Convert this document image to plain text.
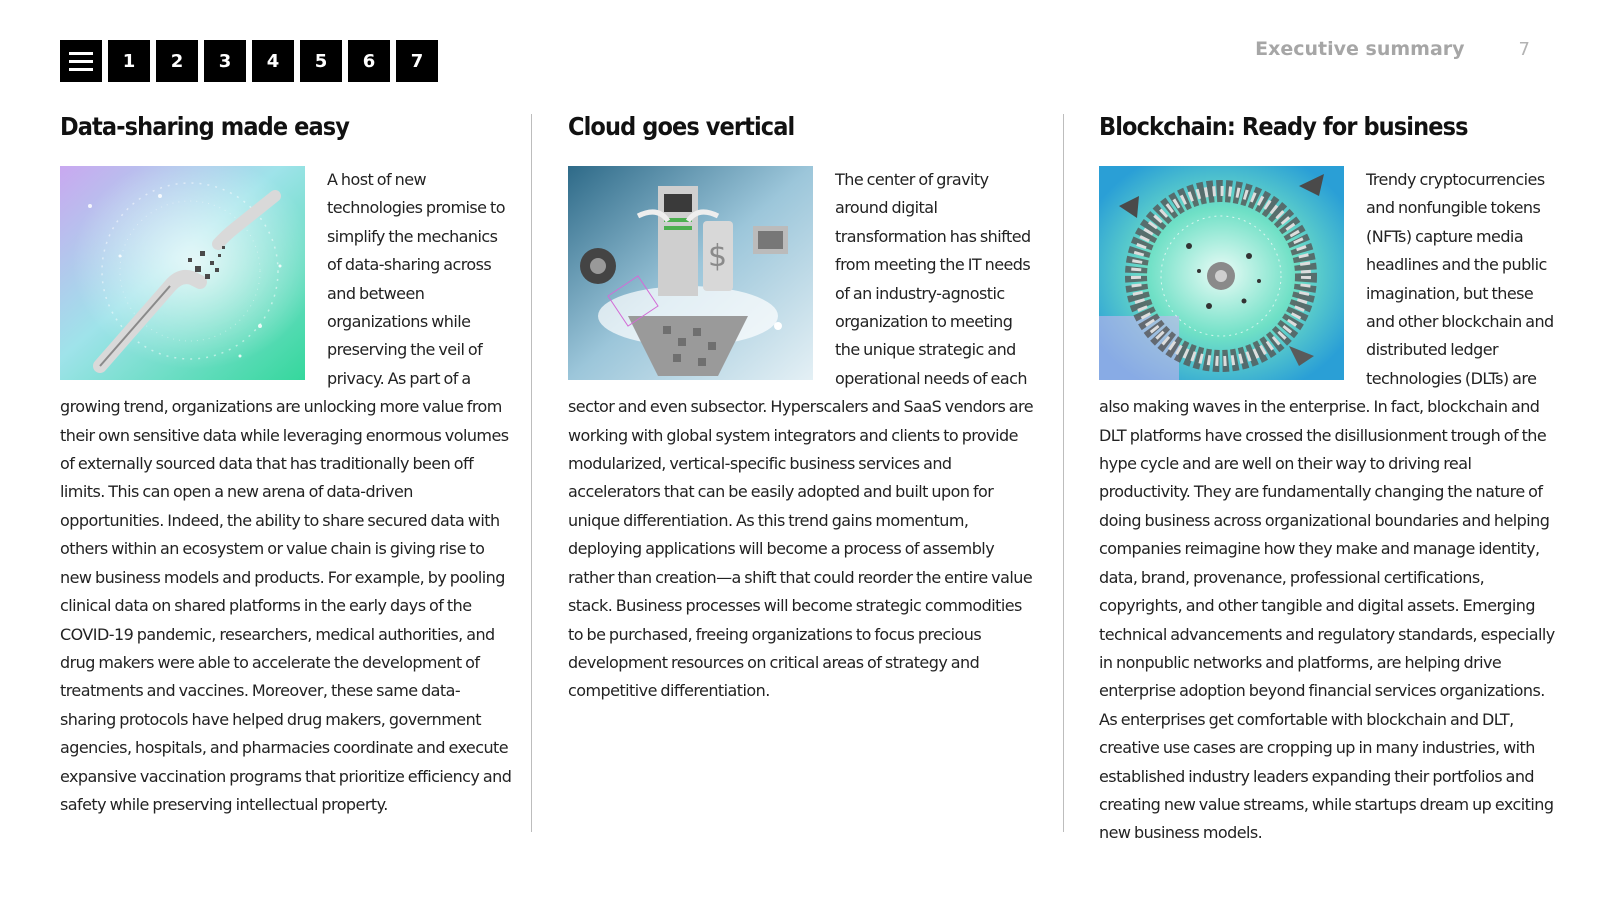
1	2	3	4	5	6	7
Executive summary	7
Data-sharing made easy

A host of new technologies promise to simplify the mechanics of data-sharing across and between organizations while preserving the veil of privacy. As part of a growing trend, organizations are unlocking more value from their own sensitive data while leveraging enormous volumes of externally sourced data that has traditionally been off limits. This can open a new arena of data-driven opportunities. Indeed, the ability to share secured data with others within an ecosystem or value chain is giving rise to new business models and products. For example, by pooling clinical data on shared platforms in the early days of the COVID-19 pandemic, researchers, medical authorities, and drug makers were able to accelerate the development of treatments and vaccines. Moreover, these same data-sharing protocols have helped drug makers, government agencies, hospitals, and pharmacies coordinate and execute expansive vaccination programs that prioritize efficiency and safety while preserving intellectual property.

Cloud goes vertical
$

The center of gravity around digital transformation has shifted from meeting the IT needs of an industry-agnostic organization to meeting the unique strategic and operational needs of each sector and even subsector. Hyperscalers and SaaS vendors are working with global system integrators and clients to provide modularized, vertical-specific business services and accelerators that can be easily adopted and built upon for unique differentiation. As this trend gains momentum, deploying applications will become a process of assembly rather than creation—a shift that could reorder the entire value stack. Business processes will become strategic commodities to be purchased, freeing organizations to focus precious development resources on critical areas of strategy and competitive differentiation.

Blockchain: Ready for business

Trendy cryptocurrencies and nonfungible tokens (NFTs) capture media headlines and the public imagination, but these and other blockchain and distributed ledger technologies (DLTs) are also making waves in the enterprise. In fact, blockchain and DLT platforms have crossed the disillusionment trough of the hype cycle and are well on their way to driving real productivity. They are fundamentally changing the nature of doing business across organizational boundaries and helping companies reimagine how they make and manage identity, data, brand, provenance, professional certifications, copyrights, and other tangible and digital assets. Emerging technical advancements and regulatory standards, especially in nonpublic networks and platforms, are helping drive enterprise adoption beyond financial services organizations. As enterprises get comfortable with blockchain and DLT, creative use cases are cropping up in many industries, with established industry leaders expanding their portfolios and creating new value streams, while startups dream up exciting new business models.
